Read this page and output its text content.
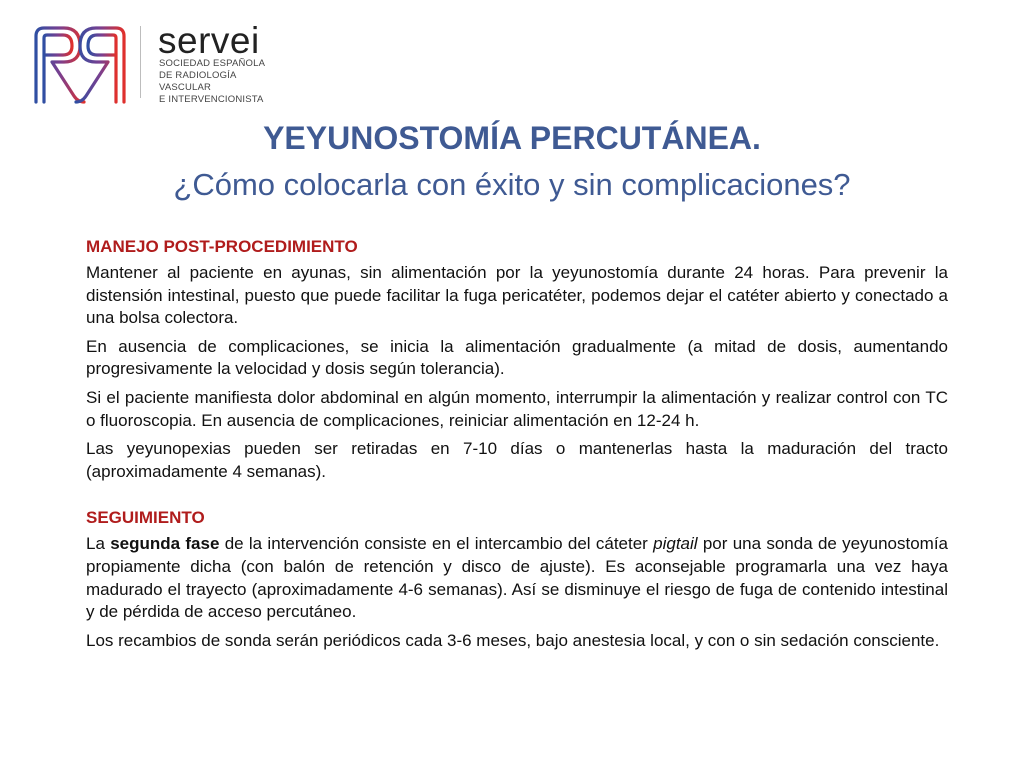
servei
SOCIEDAD ESPAÑOLA
DE RADIOLOGÍA
VASCULAR
E INTERVENCIONISTA
YEYUNOSTOMÍA PERCUTÁNEA.
¿Cómo colocarla con éxito y sin complicaciones?
MANEJO POST-PROCEDIMIENTO

Mantener al paciente en ayunas, sin alimentación por la yeyunostomía durante 24 horas. Para prevenir la distensión intestinal, puesto que puede facilitar la fuga pericatéter, podemos dejar el catéter abierto y conectado a una bolsa colectora.

En ausencia de complicaciones, se inicia la alimentación gradualmente (a mitad de dosis, aumentando progresivamente la velocidad y dosis según tolerancia).

Si el paciente manifiesta dolor abdominal en algún momento, interrumpir la alimentación y realizar control con TC o fluoroscopia. En ausencia de complicaciones, reiniciar alimentación en 12-24 h.

Las yeyunopexias pueden ser retiradas en 7-10 días o mantenerlas hasta la maduración del tracto (aproximadamente 4 semanas).

SEGUIMIENTO

La segunda fase de la intervención consiste en el intercambio del cáteter pigtail por una sonda de yeyunostomía propiamente dicha (con balón de retención y disco de ajuste). Es aconsejable programarla una vez haya madurado el trayecto (aproximadamente 4-6 semanas). Así se disminuye el riesgo de fuga de contenido intestinal y de pérdida de acceso percutáneo.

Los recambios de sonda serán periódicos cada 3-6 meses, bajo anestesia local, y con o sin sedación consciente.
